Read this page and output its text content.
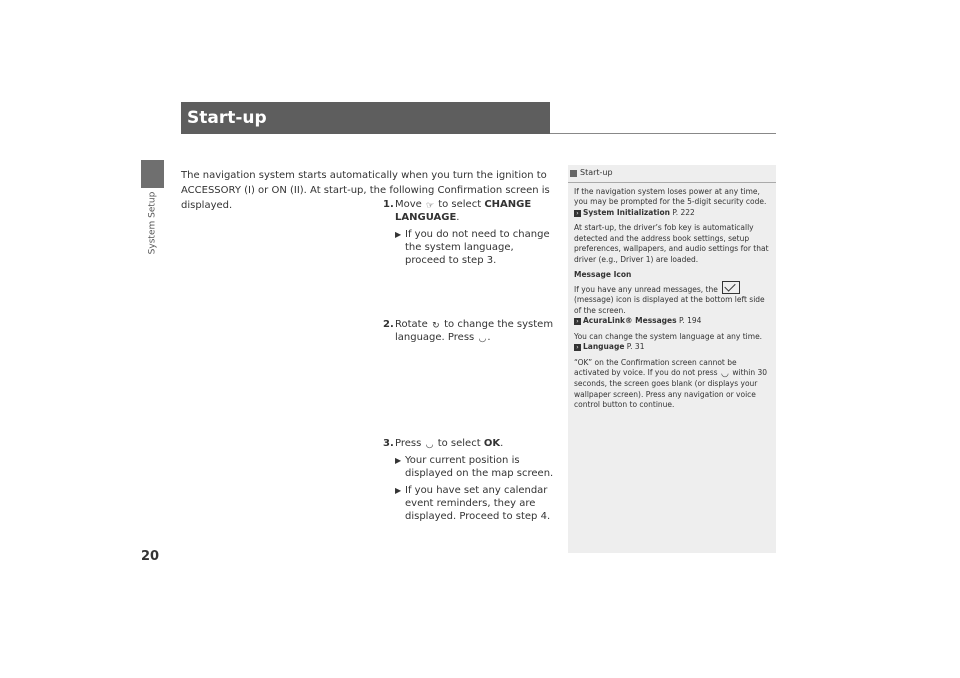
System Setup
20
Start-up
The navigation system starts automatically when you turn the ignition to ACCESSORY (I) or ON (II). At start-up, the following Confirmation screen is displayed.	1. Move ☞ to select CHANGE LANGUAGE.
▶ If you do not need to change the system language, proceed to step 3.
2. Rotate ↻ to change the system language. Press ◡.
3. Press ◡ to select OK.
▶ Your current position is displayed on the map screen.
▶ If you have set any calendar event reminders, they are displayed. Proceed to step 4.
Start-up

If the navigation system loses power at any time, you may be prompted for the 5-digit security code.
› System Initialization P. 222

At start-up, the driver’s fob key is automatically detected and the address book settings, setup preferences, wallpapers, and audio settings for that driver (e.g., Driver 1) are loaded.

Message Icon
If you have any unread messages, the  (message) icon is displayed at the bottom left side of the screen.
› AcuraLink® Messages P. 194

You can change the system language at any time.
› Language P. 31

“OK” on the Confirmation screen cannot be activated by voice. If you do not press ◡ within 30 seconds, the screen goes blank (or displays your wallpaper screen). Press any navigation or voice control button to continue.
